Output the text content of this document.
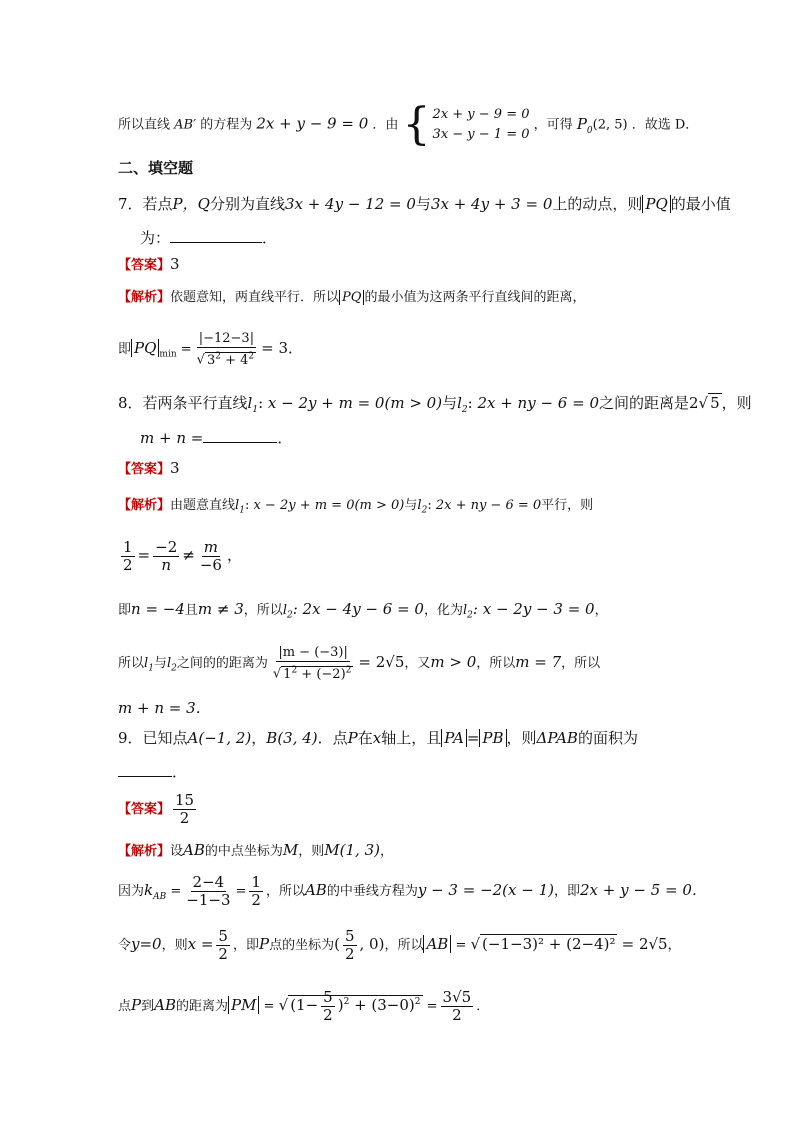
所以直线 AB′ 的方程为 2x + y − 9 = 0 ．由 { 2x + y − 9 = 0
3x − y − 1 = 0
，可得 $P_0(2$, 5) ．故选 D．
二、填空题
7．若点P，Q分别为直线3x + 4y − 12 = 0与3x + 4y + 3 = 0上的动点，则 PQ 的最小值
为：	．
【答案】3
【解析】依题意知，两直线平行．所以 PQ 的最小值为这两条平行直线间的距离，
即 PQ $_{min} = \frac{|-12-3|}{√ 3^2 + 4^2} = 3$．
8．若两条平行直线$l_1$: x − 2y + m = 0(m > 0)与$l_2$: 2x + ny − 6 = 0之间的距离是2√ 5 ，则
m + n =	．
【答案】3
【解析】由题意直线$l_1$: x − 2y + m = 0(m > 0)与$l_2$: 2x + ny − 6 = 0平行，则
$\frac{1}{2} = \frac{-2}{n} \ne \frac{m}{-6}$ ，
即n = −4且m ≠ 3，所以$l_2$: 2x − 4y − 6 = 0，化为$l_2$: x − 2y − 3 = 0，
所以$l_1$与$l_2$之间的的距离为 $\frac{|m - (-3)|}{√ 1^2 + (-2)^2} = 2√5$，又m > 0，所以m = 7，所以
m + n = 3．
9．已知点A(−1, 2)，B(3, 4)．点P在x轴上，且 PA = PB ，则ΔPAB的面积为
．
【答案】 $\frac{15}{2}$
【解析】设AB的中点坐标为M，则M(1, 3)，
因为$k_{AB} = \frac{2-4}{-1-3} = \frac{1}{2}$ ，所以AB的中垂线方程为y − 3 = −2(x − 1)，即2x + y − 5 = 0．
令y=0，则$x = \frac{5}{2}$ ，即P点的坐标为( $\frac{5}{2}$ , 0)，所以 AB = √ (−1−3)² + (2−4)² = 2√5，
点P到AB的距离为 PM = √ $(1- \frac{5}{2} )^2 + (3-0)^2 = \frac{3√5}{2}$ ．
